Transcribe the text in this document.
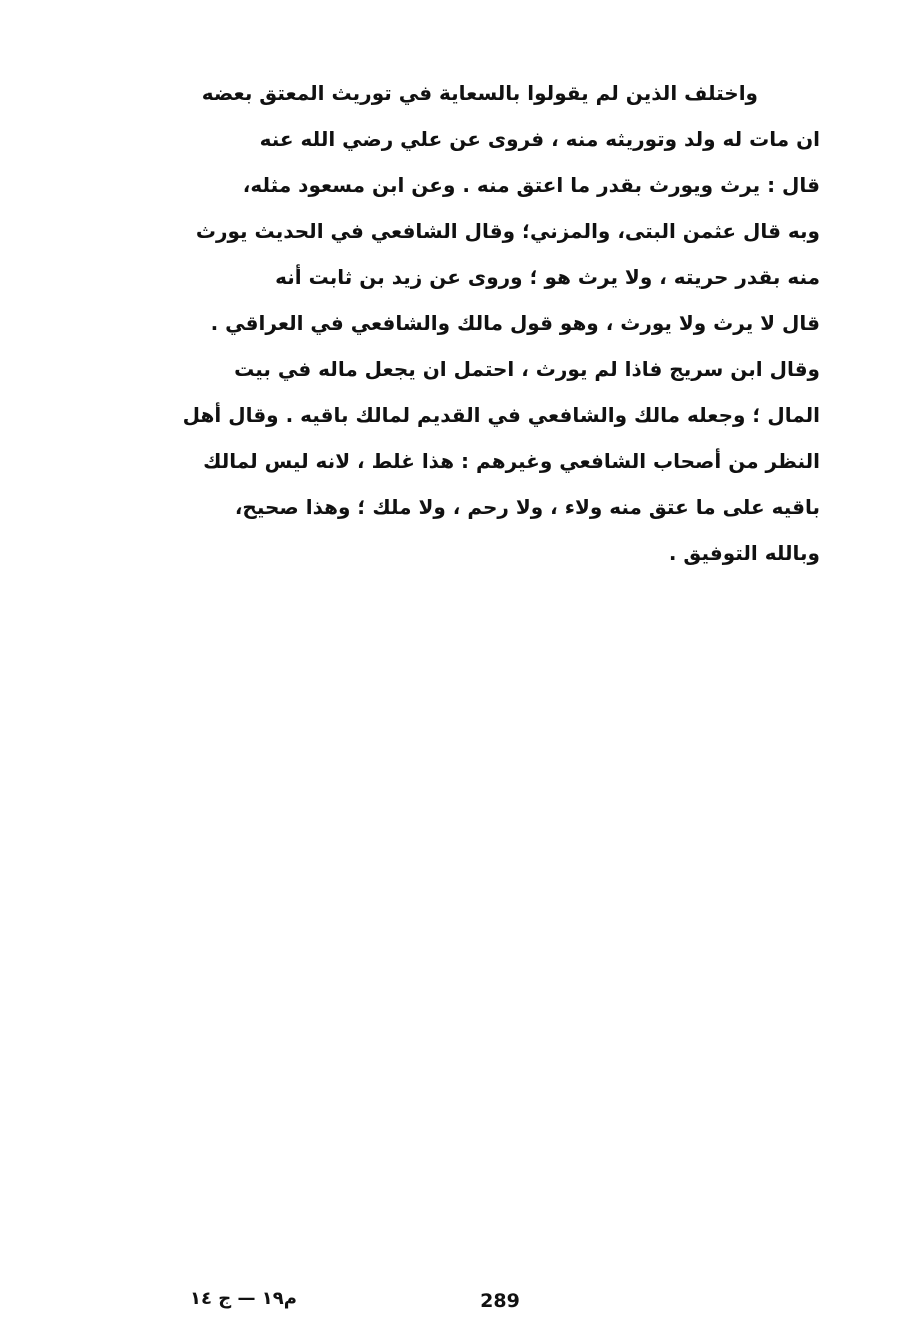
واختلف الذين لم يقولوا بالسعاية في توريث المعتق بعضه
ان مات له ولد وتوريثه منه ، فروى عن علي رضي الله عنه
قال : يرث ويورث بقدر ما اعتق منه . وعن ابن مسعود مثله،
وبه قال عثمن البتى، والمزني؛ وقال الشافعي في الحديث يورث
منه بقدر حريته ، ولا يرث هو ؛ وروى عن زيد بن ثابت أنه
قال لا يرث ولا يورث ، وهو قول مالك والشافعي في العراقي .
وقال ابن سريج فاذا لم يورث ، احتمل ان يجعل ماله في بيت
المال ؛ وجعله مالك والشافعي في القديم لمالك باقيه . وقال أهل
النظر من أصحاب الشافعي وغيرهم : هذا غلط ، لانه ليس لمالك
باقيه على ما عتق منه ولاء ، ولا رحم ، ولا ملك ؛ وهذا صحيح،
وبالله التوفيق .
م١٩ — ج ١٤	289
